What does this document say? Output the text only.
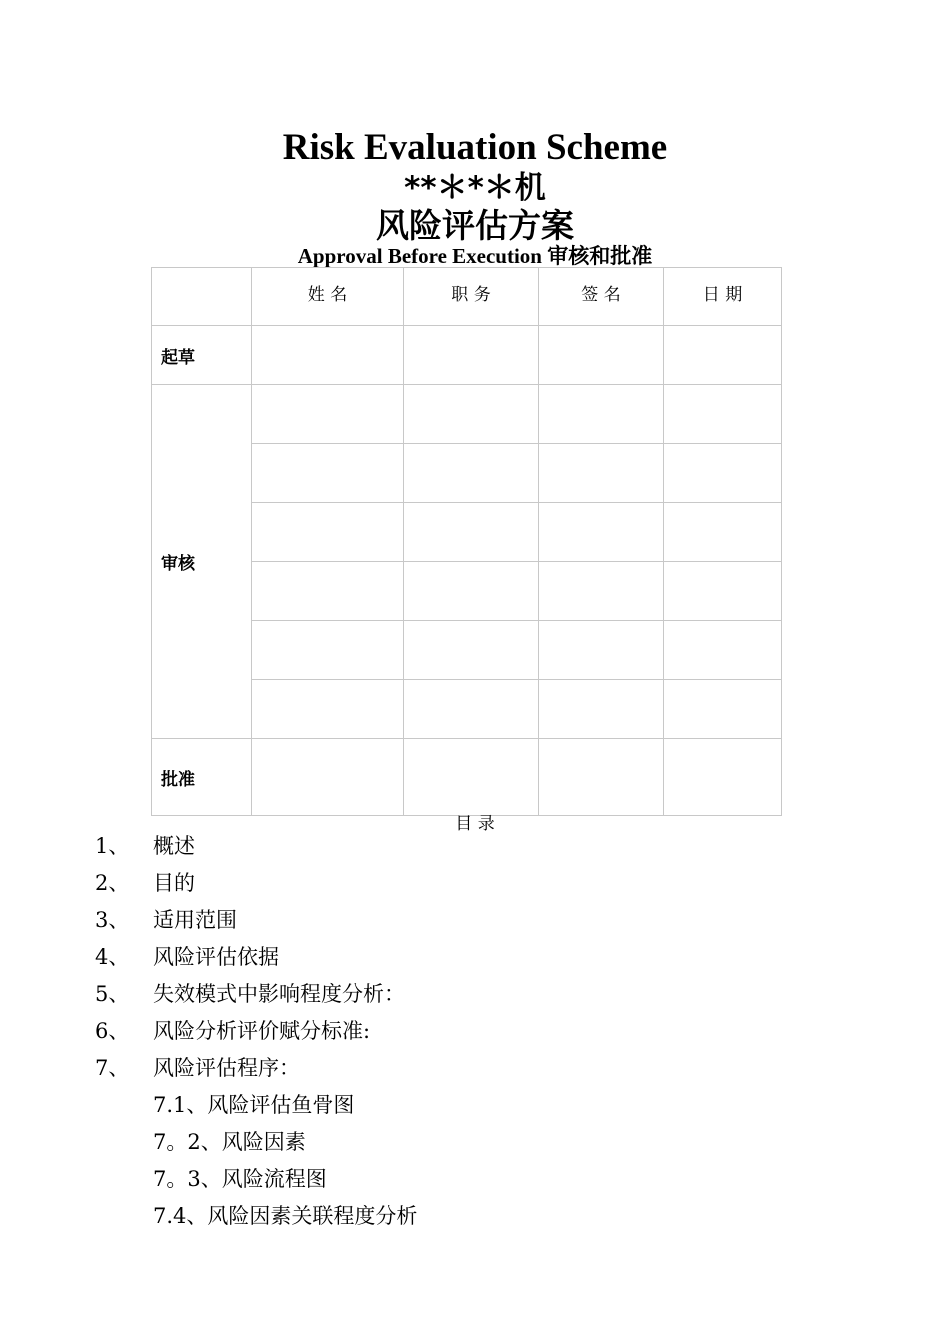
Risk Evaluation Scheme
**＊*＊机
风险评估方案
Approval Before Execution 审核和批准
	姓 名	职 务	签 名	日 期
起草				
审核				

批准				
目 录
1、 概述
2、 目的
3、 适用范围
4、 风险评估依据
5、 失效模式中影响程度分析：
6、 风险分析评价赋分标准:
7、 风险评估程序：
7.1、风险评估鱼骨图
7。2、风险因素
7。3、风险流程图
7.4、风险因素关联程度分析
